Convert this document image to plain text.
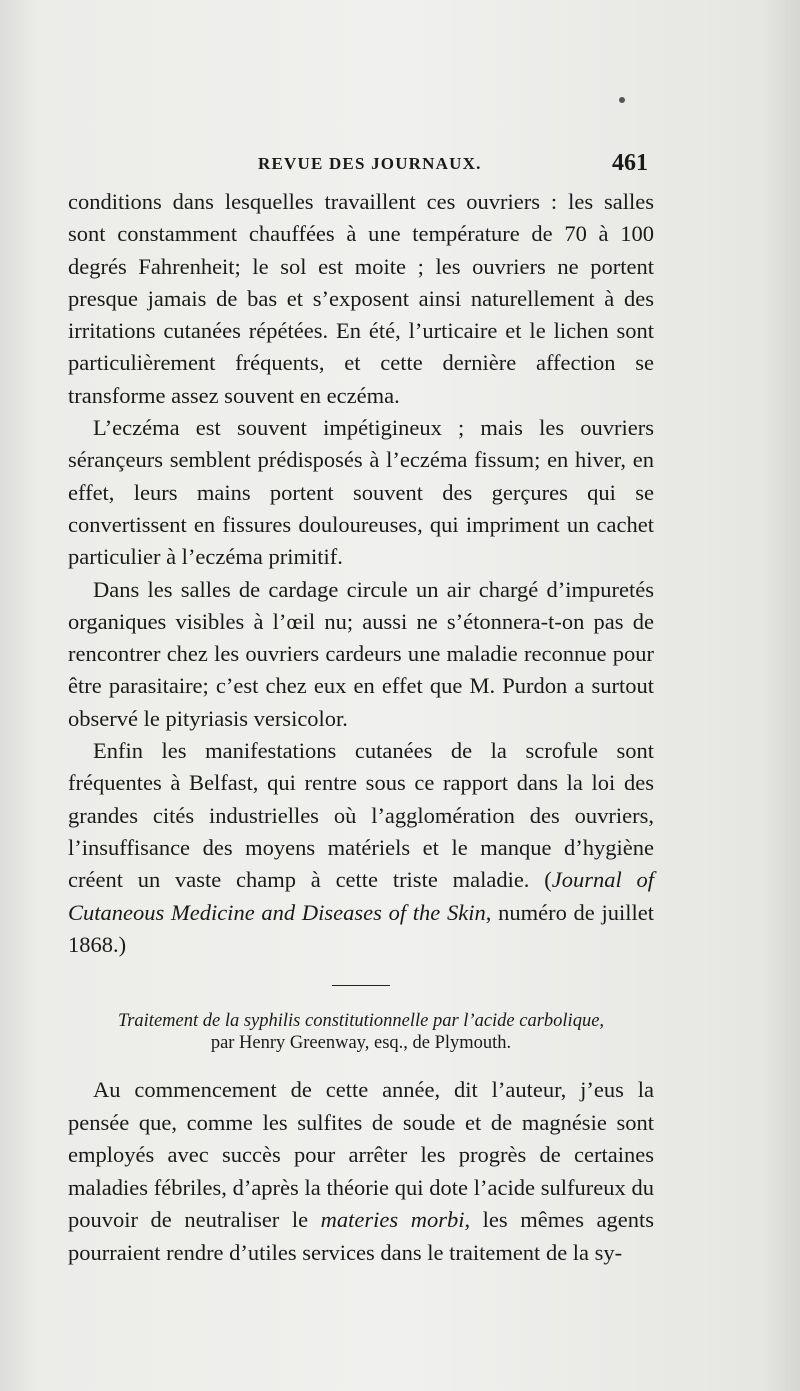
REVUE DES JOURNAUX.	461

conditions dans lesquelles travaillent ces ouvriers : les salles sont constamment chauffées à une température de 70 à 100 degrés Fahrenheit; le sol est moite ; les ouvriers ne portent presque jamais de bas et s’exposent ainsi naturellement à des irritations cutanées répétées. En été, l’urticaire et le lichen sont particulièrement fréquents, et cette dernière affection se transforme assez souvent en eczéma.

L’eczéma est souvent impétigineux ; mais les ouvriers sérançeurs semblent prédisposés à l’eczéma fissum; en hiver, en effet, leurs mains portent souvent des gerçures qui se convertissent en fissures douloureuses, qui impriment un cachet particulier à l’eczéma primitif.

Dans les salles de cardage circule un air chargé d’impuretés organiques visibles à l’œil nu; aussi ne s’étonnera-t-on pas de rencontrer chez les ouvriers cardeurs une maladie reconnue pour être parasitaire; c’est chez eux en effet que M. Purdon a surtout observé le pityriasis versicolor.

Enfin les manifestations cutanées de la scrofule sont fréquentes à Belfast, qui rentre sous ce rapport dans la loi des grandes cités industrielles où l’agglomération des ouvriers, l’insuffisance des moyens matériels et le manque d’hygiène créent un vaste champ à cette triste maladie. (Journal of Cutaneous Medicine and Diseases of the Skin, numéro de juillet 1868.)

Traitement de la syphilis constitutionnelle par l’acide carbolique,
par Henry Greenway, esq., de Plymouth.

Au commencement de cette année, dit l’auteur, j’eus la pensée que, comme les sulfites de soude et de magnésie sont employés avec succès pour arrêter les progrès de certaines maladies fébriles, d’après la théorie qui dote l’acide sulfureux du pouvoir de neutraliser le materies morbi, les mêmes agents pourraient rendre d’utiles services dans le traitement de la sy-
